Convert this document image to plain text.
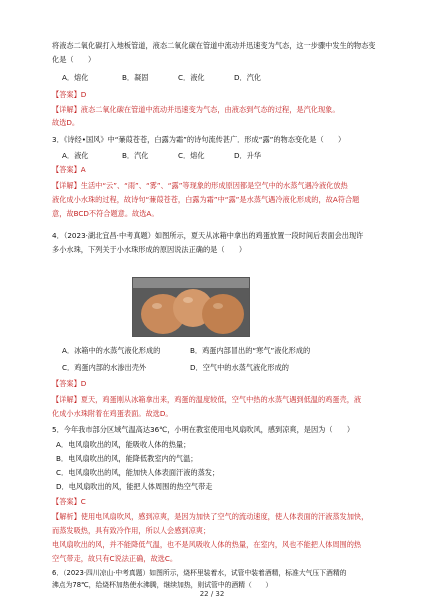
将液态二氧化碳打入地板管道，液态二氧化碳在管道中流动并迅速变为气态，这一步骤中发生的物态变
化是（　　）
A．熔化	B．凝固	C．液化	D．汽化
【答案】D
【详解】液态二氧化碳在管道中流动并迅速变为气态，由液态到气态的过程，是汽化现象。
故选D。
3．《诗经•国风》中“蒹葭苍苍，白露为霜”的诗句流传甚广．形成“露”的物态变化是（　　）
A．液化	B．汽化	C．熔化	D．升华
【答案】A
【详解】生活中“云”、“雨”、“雾”、“露”等现象的形成原因都是空气中的水蒸气遇冷液化放热
液化成小水珠的过程，故诗句“蒹葭苍苍，白露为霜”中“露”是水蒸气遇冷液化形成的，故A符合题
意，故BCD不符合题意。故选A。
4．（2023·湖北宜昌·中考真题）如图所示，夏天从冰箱中拿出的鸡蛋放置一段时间后表面会出现许
多小水珠，下列关于小水珠形成的原因说法正确的是（　　）
A．冰箱中的水蒸气液化形成的	B．鸡蛋内部冒出的“寒气”液化形成的
C．鸡蛋内部的水渗出壳外	D．空气中的水蒸气液化形成的
【答案】D
【详解】夏天，鸡蛋刚从冰箱拿出来，鸡蛋的温度较低，空气中热的水蒸气遇到低温的鸡蛋壳，液
化成小水珠附着在鸡蛋表面。故选D。
5．今年我市部分区域气温高达36℃，小明在教室使用电风扇吹风，感到凉爽，是因为（　　）
A．电风扇吹出的风，能吸收人体的热量；
B．电风扇吹出的风，能降低教室内的气温；
C．电风扇吹出的风，能加快人体表面汗液的蒸发；
D．电风扇吹出的风，能把人体周围的热空气带走
【答案】C
【解析】使用电风扇吹风，感到凉爽，是因为加快了空气的流动速度，使人体表面的汗液蒸发加快，
而蒸发吸热，具有致冷作用，所以人会感到凉爽；
电风扇吹出的风，并不能降低气温，也不是风吸收人体的热量，在室内，风也不能把人体周围的热
空气带走，故只有C说法正确，故选C。
6．（2023·四川凉山·中考真题）如图所示，烧杯里装着水，试管中装着酒精，标准大气压下酒精的
沸点为78℃，给烧杯加热使水沸腾，继续加热，则试管中的酒精（　　）
22 / 32
